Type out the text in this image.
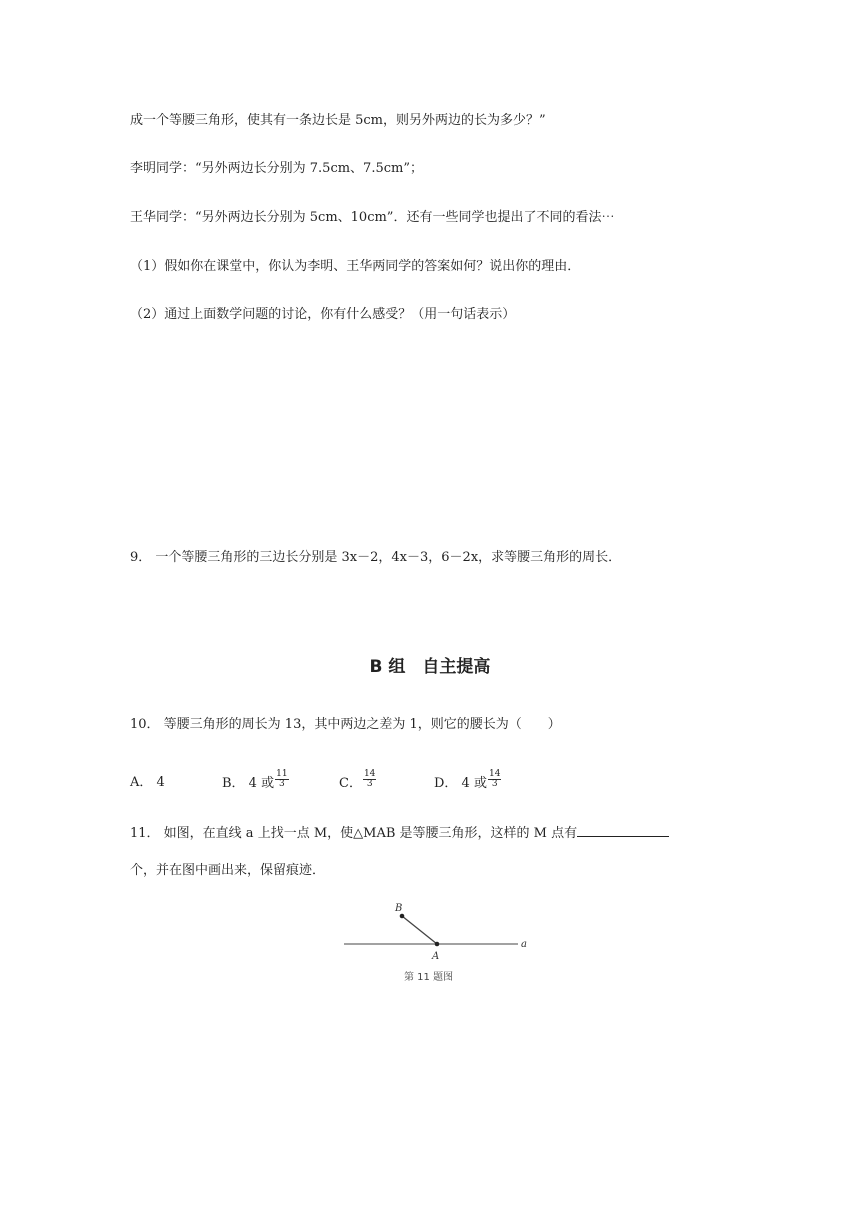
成一个等腰三角形，使其有一条边长是 5cm，则另外两边的长为多少？”
李明同学：“另外两边长分别为 7.5cm、7.5cm”；
王华同学：“另外两边长分别为 5cm、10cm”．还有一些同学也提出了不同的看法⋯
（1）假如你在课堂中，你认为李明、王华两同学的答案如何？说出你的理由．
（2）通过上面数学问题的讨论，你有什么感受？（用一句话表示）
9． 一个等腰三角形的三边长分别是 3x－2，4x－3，6－2x，求等腰三角形的周长．
B 组　自主提高
10． 等腰三角形的周长为 13，其中两边之差为 1，则它的腰长为（　　）
A． 4	B． 4 或 $\frac{11}{3}$	C． $\frac{14}{3}$	D． 4 或 $\frac{14}{3}$
11． 如图，在直线 a 上找一点 M，使△MAB 是等腰三角形，这样的 M 点有
个，并在图中画出来，保留痕迹．
B
A
a
第 11 题图
